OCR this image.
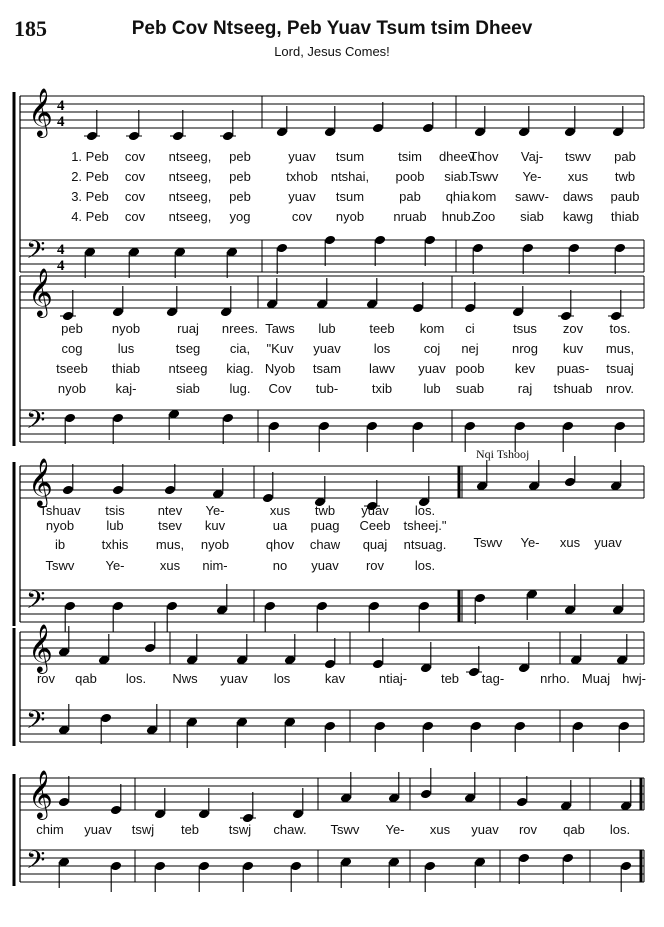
185	Peb Cov Ntseeg, Peb Yuav Tsum tsim Dheev
Lord, Jesus Comes!
𝄞
𝄢
4
4
4
4
1. Peb cov ntseeg, peb	yuav tsum	tsim dheev.
Thov Vaj- tswv pab
2. Peb cov ntseeg, peb	txhob ntshai, poob siab.
Tswv Ye- xus twb
3. Peb cov ntseeg, peb	yuav tsum	pab qhia kom sawv- daws paub
4. Peb cov ntseeg, yog	cov nyob nruab hnub.
Zoo siab kawg thiab
𝄞
𝄢
peb nyob	ruaj nrees. Taws lub	teeb kom ci	tsus zov tos.
cog	lus	tseg cia, "Kuv yuav	los	coj nej	nrog kuv mus,
tseeb thiab ntseeg kiag. Nyob tsam lawv yuav poob kev puas- tsuaj
nyob kaj-	siab lug. Cov tub-	txib lub suab	raj tshuab nrov.
𝄞
𝄢
Tshuav tsis	ntev Ye-	xus twb yuav los.
nyob lub	tsev kuv	ua puag Ceeb tsheej."
ib	txhis mus, nyob	qhov chaw quaj ntsuag.
Tswv Ye-	xus nim-	no yuav rov los.
Tswv Ye- xus yuav
Nqi Tshooj
𝄞
𝄢
rov qab los. Nws yuav los	kav	ntiaj-	teb tag-	nrho. Muaj hwj-
𝄞
𝄢
chim yuav tswj teb tswj chaw. Tswv Ye- xus yuav rov qab los.
